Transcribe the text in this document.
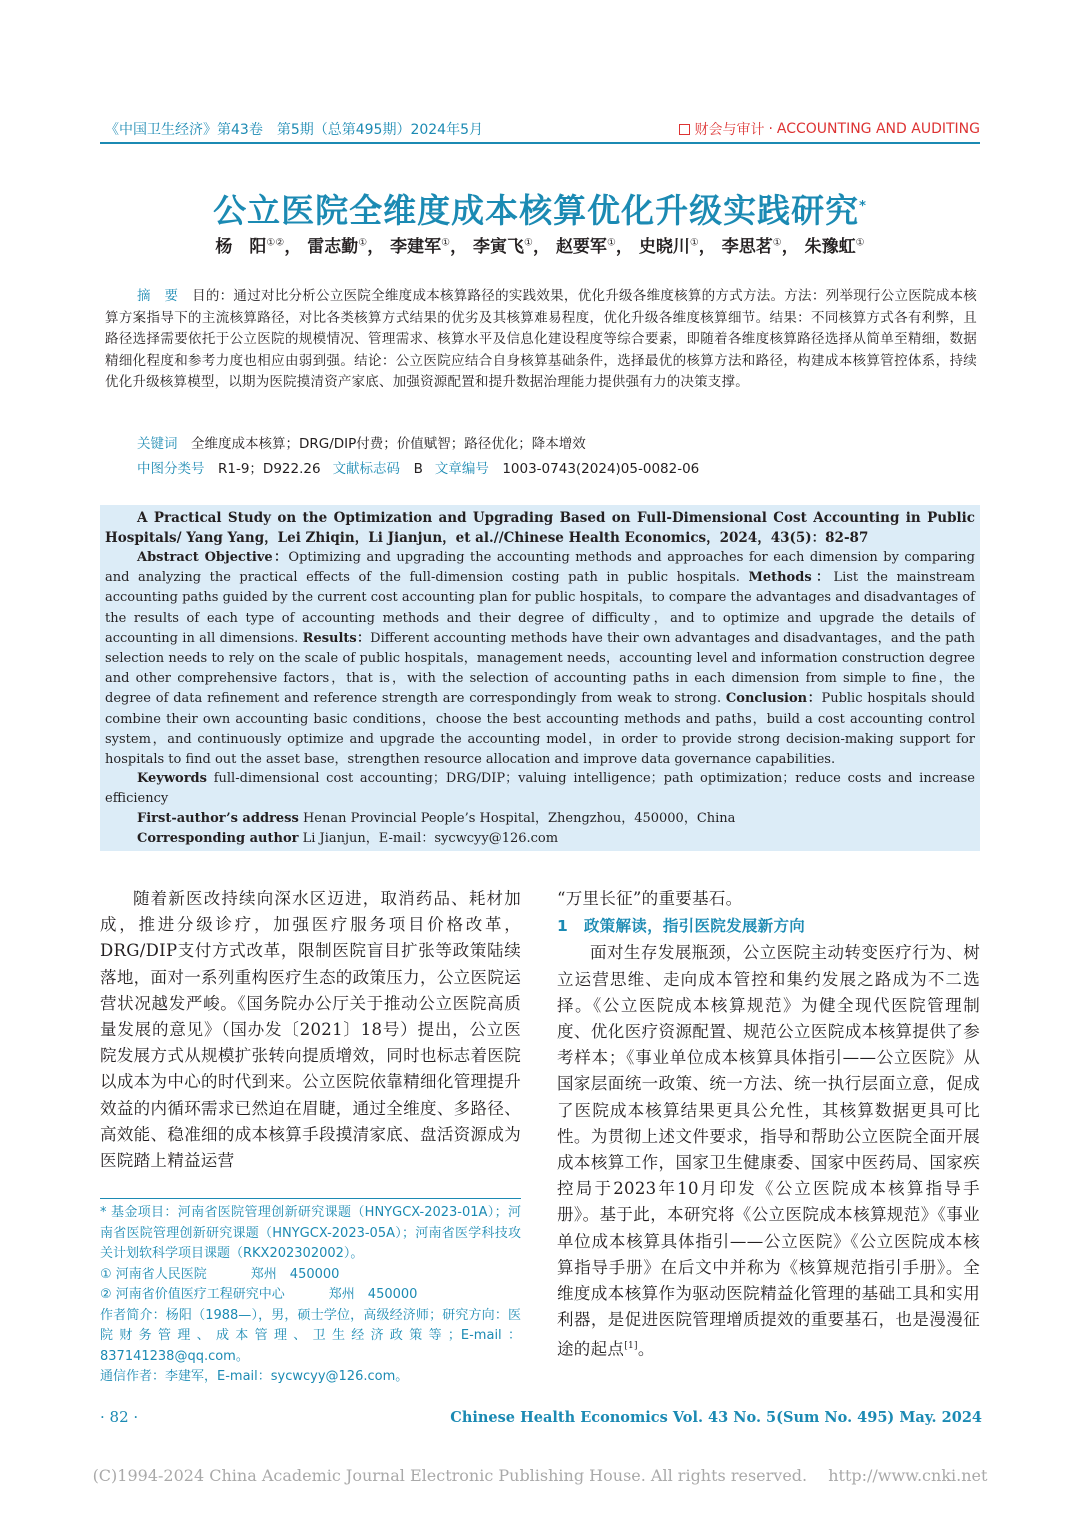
《中国卫生经济》第43卷　第5期（总第495期）2024年5月	财会与审计 · ACCOUNTING AND AUDITING
公立医院全维度成本核算优化升级实践研究*
杨　阳①②， 雷志勤①， 李建军①， 李寅飞①， 赵要军①， 史晓川①， 李思茗①， 朱豫虹①
摘　要　 目的：通过对比分析公立医院全维度成本核算路径的实践效果，优化升级各维度核算的方式方法。方法：列举现行公立医院成本核算方案指导下的主流核算路径，对比各类核算方式结果的优劣及其核算难易程度，优化升级各维度核算细节。结果：不同核算方式各有利弊，且路径选择需要依托于公立医院的规模情况、管理需求、核算水平及信息化建设程度等综合要素，即随着各维度核算路径选择从简单至精细，数据精细化程度和参考力度也相应由弱到强。结论：公立医院应结合自身核算基础条件，选择最优的核算方法和路径，构建成本核算管控体系，持续优化升级核算模型，以期为医院摸清资产家底、加强资源配置和提升数据治理能力提供强有力的决策支撑。
关键词　 全维度成本核算；DRG/DIP付费；价值赋智；路径优化；降本增效
中图分类号　 R1-9；D922.26 文献标志码　 B 文章编号　 1003-0743(2024)05-0082-06
A Practical Study on the Optimization and Upgrading Based on Full-Dimensional Cost Accounting in Public Hospitals/ Yang Yang，Lei Zhiqin，Li Jianjun，et al.//Chinese Health Economics，2024，43(5)：82-87
Abstract Objective：Optimizing and upgrading the accounting methods and approaches for each dimension by comparing and analyzing the practical effects of the full-dimension costing path in public hospitals. Methods：List the mainstream accounting paths guided by the current cost accounting plan for public hospitals，to compare the advantages and disadvantages of the results of each type of accounting methods and their degree of difficulty，and to optimize and upgrade the details of accounting in all dimensions. Results：Different accounting methods have their own advantages and disadvantages，and the path selection needs to rely on the scale of public hospitals，management needs，accounting level and information construction degree and other comprehensive factors，that is，with the selection of accounting paths in each dimension from simple to fine，the degree of data refinement and reference strength are correspondingly from weak to strong. Conclusion：Public hospitals should combine their own accounting basic conditions，choose the best accounting methods and paths，build a cost accounting control system，and continuously optimize and upgrade the accounting model，in order to provide strong decision-making support for hospitals to find out the asset base，strengthen resource allocation and improve data governance capabilities.
Keywords full-dimensional cost accounting；DRG/DIP；valuing intelligence；path optimization；reduce costs and increase efficiency
First-author’s address Henan Provincial People’s Hospital，Zhengzhou，450000，China
Corresponding author Li Jianjun，E-mail：sycwcyy@126.com

随着新医改持续向深水区迈进，取消药品、耗材加成，推进分级诊疗，加强医疗服务项目价格改革，DRG/DIP支付方式改革，限制医院盲目扩张等政策陆续落地，面对一系列重构医疗生态的政策压力，公立医院运营状况越发严峻。《国务院办公厅关于推动公立医院高质量发展的意见》（国办发〔2021〕18号）提出，公立医院发展方式从规模扩张转向提质增效，同时也标志着医院以成本为中心的时代到来。公立医院依靠精细化管理提升效益的内循环需求已然迫在眉睫，通过全维度、多路径、高效能、稳准细的成本核算手段摸清家底、盘活资源成为医院踏上精益运营

* 基金项目：河南省医院管理创新研究课题（HNYGCX-2023-01A）；河南省医院管理创新研究课题（HNYGCX-2023-05A）；河南省医学科技攻关计划软科学项目课题（RKX202302002）。
① 河南省人民医院	郑州　450000
② 河南省价值医疗工程研究中心	郑州　450000
作者简介：杨阳（1988—），男，硕士学位，高级经济师；研究方向：医院财务管理、成本管理、卫生经济政策等；E-mail：837141238@qq.com。
通信作者：李建军，E-mail：sycwcyy@126.com。

“万里长征”的重要基石。

1　政策解读，指引医院发展新方向

面对生存发展瓶颈，公立医院主动转变医疗行为、树立运营思维、走向成本管控和集约发展之路成为不二选择。《公立医院成本核算规范》为健全现代医院管理制度、优化医疗资源配置、规范公立医院成本核算提供了参考样本；《事业单位成本核算具体指引——公立医院》从国家层面统一政策、统一方法、统一执行层面立意，促成了医院成本核算结果更具公允性，其核算数据更具可比性。为贯彻上述文件要求，指导和帮助公立医院全面开展成本核算工作，国家卫生健康委、国家中医药局、国家疾控局于2023年10月印发《公立医院成本核算指导手册》。基于此，本研究将《公立医院成本核算规范》《事业单位成本核算具体指引——公立医院》《公立医院成本核算指导手册》在后文中并称为《核算规范指引手册》。全维度成本核算作为驱动医院精益化管理的基础工具和实用利器，是促进医院管理增质提效的重要基石，也是漫漫征途的起点[1]。

· 82 ·	Chinese Health Economics Vol. 43 No. 5(Sum No. 495) May. 2024
(C)1994-2024 China Academic Journal Electronic Publishing House. All rights reserved.　 http://www.cnki.net
